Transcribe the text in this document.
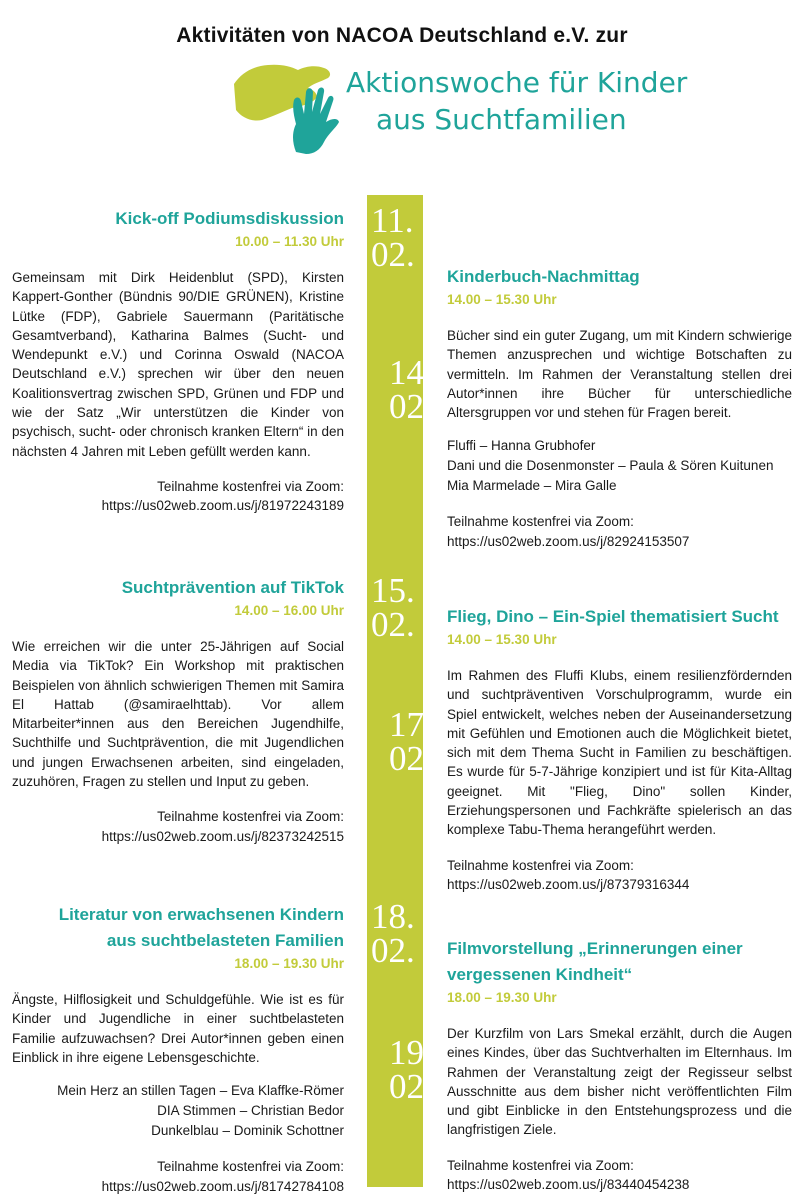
Aktivitäten von NACOA Deutschland e.V. zur
Aktionswoche für Kinder
aus Suchtfamilien
11.
02.
14.
02.
15.
02.
17.
02.
18.
02.
19.
02.
Kick-off Podiumsdiskussion
10.00 – 11.30 Uhr

Gemeinsam mit Dirk Heidenblut (SPD), Kirsten Kappert-Gonther (Bündnis 90/DIE GRÜNEN), Kristine Lütke (FDP), Gabriele Sauermann (Paritätische Gesamtverband), Katharina Balmes (Sucht- und Wendepunkt e.V.) und Corinna Oswald (NACOA Deutschland e.V.) sprechen wir über den neuen Koalitionsvertrag zwischen SPD, Grünen und FDP und wie der Satz „Wir unterstützen die Kinder von psychisch, sucht- oder chronisch kranken Eltern“ in den nächsten 4 Jahren mit Leben gefüllt werden kann.

Teilnahme kostenfrei via Zoom:
https://us02web.zoom.us/j/81972243189
Kinderbuch-Nachmittag
14.00 – 15.30 Uhr

Bücher sind ein guter Zugang, um mit Kindern schwierige Themen anzusprechen und wichtige Botschaften zu vermitteln. Im Rahmen der Veranstaltung stellen drei Autor*innen ihre Bücher für unterschiedliche Altersgruppen vor und stehen für Fragen bereit.

Fluffi – Hanna Grubhofer
Dani und die Dosenmonster – Paula & Sören Kuitunen
Mia Marmelade – Mira Galle
Teilnahme kostenfrei via Zoom:
https://us02web.zoom.us/j/82924153507
Suchtprävention auf TikTok
14.00 – 16.00 Uhr

Wie erreichen wir die unter 25-Jährigen auf Social Media via TikTok? Ein Workshop mit praktischen Beispielen von ähnlich schwierigen Themen mit Samira El Hattab (@samiraelhttab). Vor allem Mitarbeiter*innen aus den Bereichen Jugendhilfe, Suchthilfe und Suchtprävention, die mit Jugendlichen und jungen Erwachsenen arbeiten, sind eingeladen, zuzuhören, Fragen zu stellen und Input zu geben.

Teilnahme kostenfrei via Zoom:
https://us02web.zoom.us/j/82373242515
Flieg, Dino – Ein-Spiel thematisiert Sucht
14.00 – 15.30 Uhr

Im Rahmen des Fluffi Klubs, einem resilienzfördernden und suchtpräventiven Vorschulprogramm, wurde ein Spiel entwickelt, welches neben der Auseinandersetzung mit Gefühlen und Emotionen auch die Möglichkeit bietet, sich mit dem Thema Sucht in Familien zu beschäftigen. Es wurde für 5-7-Jährige konzipiert und ist für Kita-Alltag geeignet. Mit "Flieg, Dino" sollen Kinder, Erziehungspersonen und Fachkräfte spielerisch an das komplexe Tabu-Thema herangeführt werden.

Teilnahme kostenfrei via Zoom:
https://us02web.zoom.us/j/87379316344
Literatur von erwachsenen Kindern
aus suchtbelasteten Familien
18.00 – 19.30 Uhr

Ängste, Hilflosigkeit und Schuldgefühle. Wie ist es für Kinder und Jugendliche in einer suchtbelasteten Familie aufzuwachsen? Drei Autor*innen geben einen Einblick in ihre eigene Lebensgeschichte.

Mein Herz an stillen Tagen – Eva Klaffke-Römer
DIA Stimmen – Christian Bedor
Dunkelblau – Dominik Schottner
Teilnahme kostenfrei via Zoom:
https://us02web.zoom.us/j/81742784108
Filmvorstellung „Erinnerungen einer
vergessenen Kindheit“
18.00 – 19.30 Uhr

Der Kurzfilm von Lars Smekal erzählt, durch die Augen eines Kindes, über das Suchtverhalten im Elternhaus. Im Rahmen der Veranstaltung zeigt der Regisseur selbst Ausschnitte aus dem bisher nicht veröffentlichten Film und gibt Einblicke in den Entstehungsprozess und die langfristigen Ziele.

Teilnahme kostenfrei via Zoom:
https://us02web.zoom.us/j/83440454238
